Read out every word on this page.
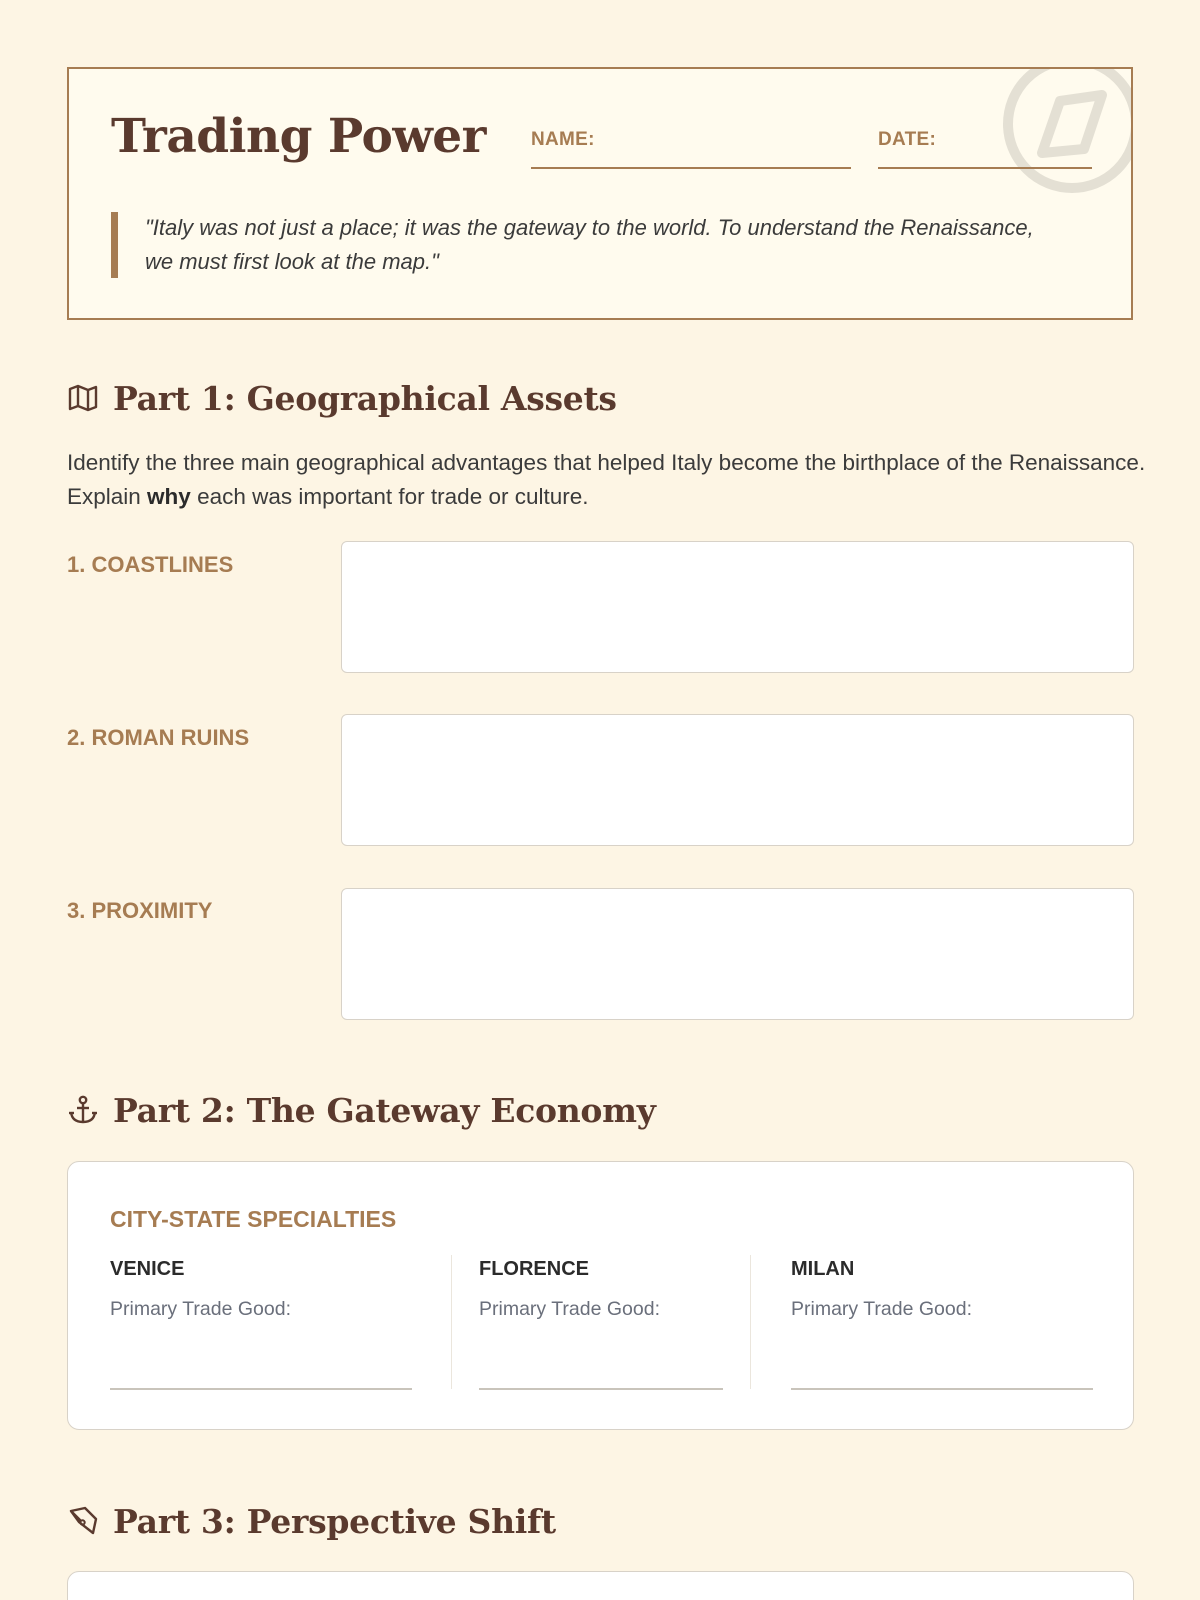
Trading Power NAME:	DATE:
"Italy was not just a place; it was the gateway to the world. To understand the Renaissance, we must first look at the map."
Part 1: Geographical Assets
Identify the three main geographical advantages that helped Italy become the birthplace of the Renaissance. Explain why each was important for trade or culture.
1. COASTLINES
2. ROMAN RUINS
3. PROXIMITY
Part 2: The Gateway Economy
CITY-STATE SPECIALTIES
VENICE
Primary Trade Good:
FLORENCE
Primary Trade Good:
MILAN
Primary Trade Good:
Part 3: Perspective Shift
